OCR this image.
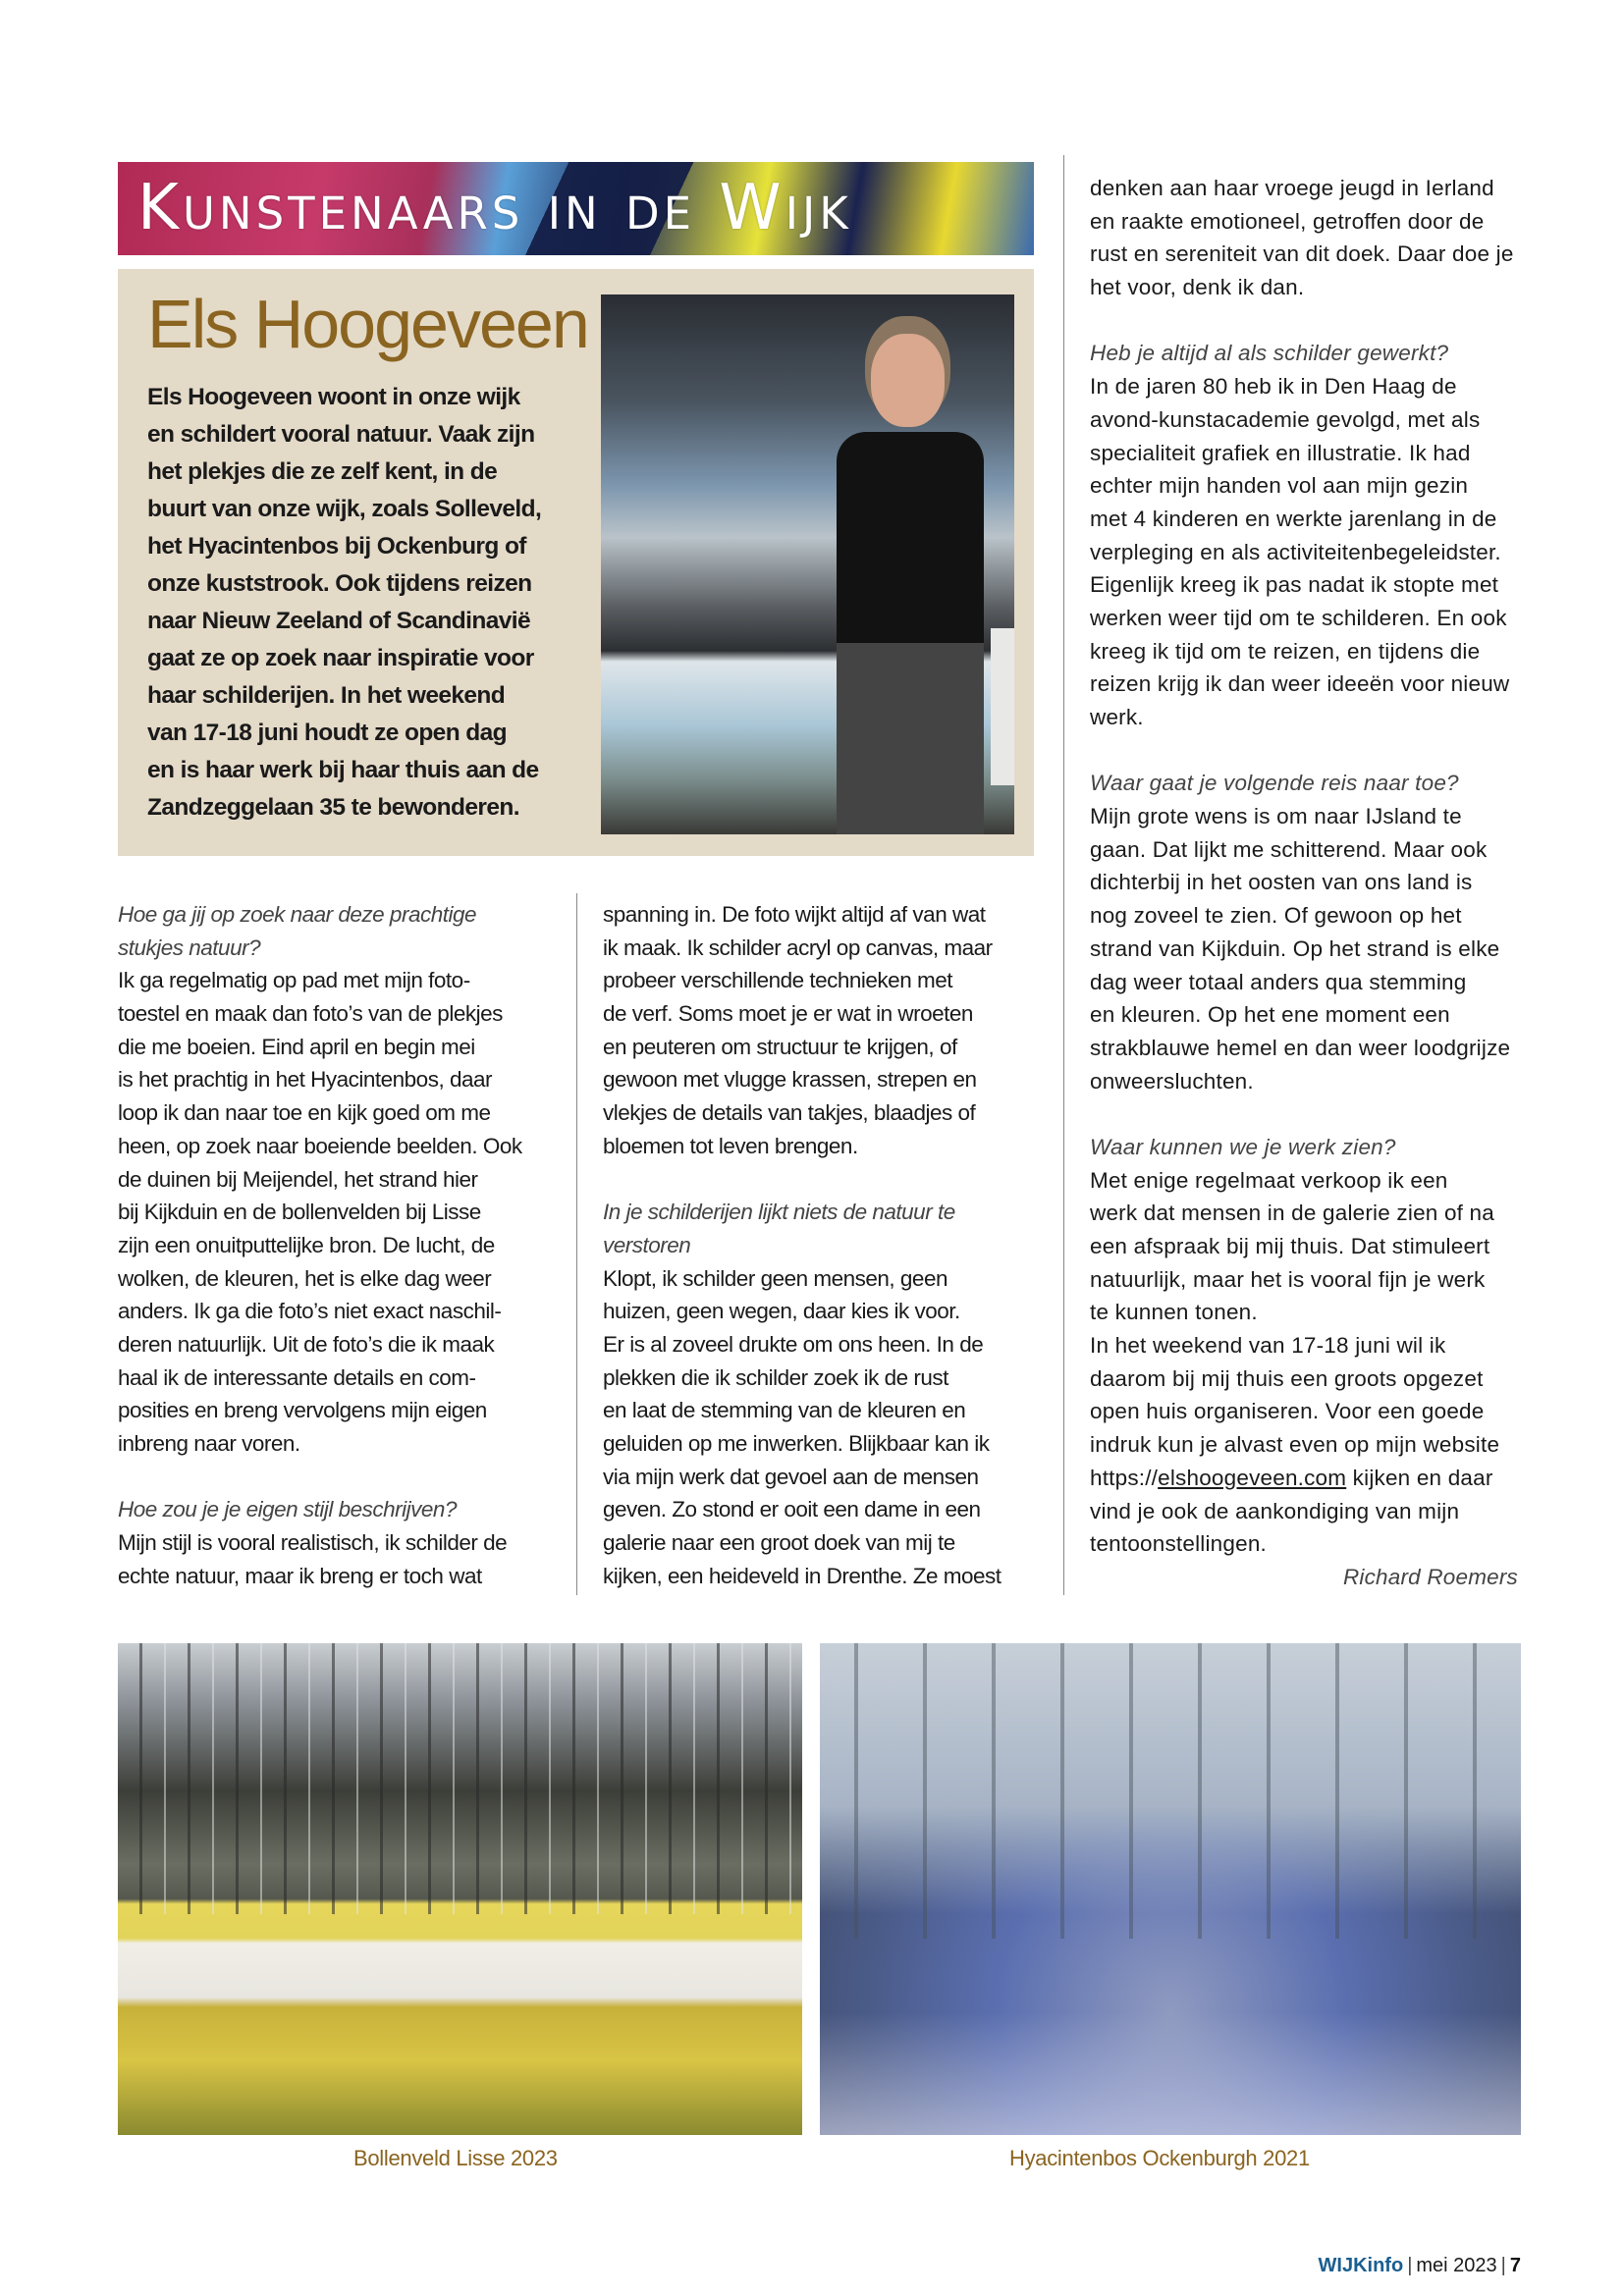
Kunstenaars in de Wijk
Els Hoogeveen
Els Hoogeveen woont in onze wijk
en schildert vooral natuur. Vaak zijn
het plekjes die ze zelf kent, in de
buurt van onze wijk, zoals Solleveld,
het Hyacintenbos bij Ockenburg of
onze kuststrook. Ook tijdens reizen
naar Nieuw Zeeland of Scandinavië
gaat ze op zoek naar inspiratie voor
haar schilderijen. In het weekend
van 17-18 juni houdt ze open dag
en is haar werk bij haar thuis aan de
Zandzeggelaan 35 te bewonderen.
Hoe ga jij op zoek naar deze prachtige
stukjes natuur?
Ik ga regelmatig op pad met mijn foto-
toestel en maak dan foto’s van de plekjes
die me boeien. Eind april en begin mei
is het prachtig in het Hyacintenbos, daar
loop ik dan naar toe en kijk goed om me
heen, op zoek naar boeiende beelden. Ook
de duinen bij Meijendel, het strand hier
bij Kijkduin en de bollenvelden bij Lisse
zijn een onuitputtelijke bron. De lucht, de
wolken, de kleuren, het is elke dag weer
anders. Ik ga die foto’s niet exact naschil-
deren natuurlijk. Uit de foto’s die ik maak
haal ik de interessante details en com-
posities en breng vervolgens mijn eigen
inbreng naar voren.
Hoe zou je je eigen stijl beschrijven?
Mijn stijl is vooral realistisch, ik schilder de
echte natuur, maar ik breng er toch wat
spanning in. De foto wijkt altijd af van wat
ik maak. Ik schilder acryl op canvas, maar
probeer verschillende technieken met
de verf. Soms moet je er wat in wroeten
en peuteren om structuur te krijgen, of
gewoon met vlugge krassen, strepen en
vlekjes de details van takjes, blaadjes of
bloemen tot leven brengen.
In je schilderijen lijkt niets de natuur te
verstoren
Klopt, ik schilder geen mensen, geen
huizen, geen wegen, daar kies ik voor.
Er is al zoveel drukte om ons heen. In de
plekken die ik schilder zoek ik de rust
en laat de stemming van de kleuren en
geluiden op me inwerken. Blijkbaar kan ik
via mijn werk dat gevoel aan de mensen
geven. Zo stond er ooit een dame in een
galerie naar een groot doek van mij te
kijken, een heideveld in Drenthe. Ze moest
denken aan haar vroege jeugd in Ierland
en raakte emotioneel, getroffen door de
rust en sereniteit van dit doek. Daar doe je
het voor, denk ik dan.
Heb je altijd al als schilder gewerkt?
In de jaren 80 heb ik in Den Haag de
avond-kunstacademie gevolgd, met als
specialiteit grafiek en illustratie. Ik had
echter mijn handen vol aan mijn gezin
met 4 kinderen en werkte jarenlang in de
verpleging en als activiteitenbegeleidster.
Eigenlijk kreeg ik pas nadat ik stopte met
werken weer tijd om te schilderen. En ook
kreeg ik tijd om te reizen, en tijdens die
reizen krijg ik dan weer ideeën voor nieuw
werk.
Waar gaat je volgende reis naar toe?
Mijn grote wens is om naar IJsland te
gaan. Dat lijkt me schitterend. Maar ook
dichterbij in het oosten van ons land is
nog zoveel te zien. Of gewoon op het
strand van Kijkduin. Op het strand is elke
dag weer totaal anders qua stemming
en kleuren. Op het ene moment een
strakblauwe hemel en dan weer loodgrijze
onweersluchten.
Waar kunnen we je werk zien?
Met enige regelmaat verkoop ik een
werk dat mensen in de galerie zien of na
een afspraak bij mij thuis. Dat stimuleert
natuurlijk, maar het is vooral fijn je werk
te kunnen tonen.
In het weekend van 17-18 juni wil ik
daarom bij mij thuis een groots opgezet
open huis organiseren. Voor een goede
indruk kun je alvast even op mijn website
https://elshoogeveen.com kijken en daar
vind je ook de aankondiging van mijn
tentoonstellingen.
Richard Roemers
Bollenveld Lisse 2023	Hyacintenbos Ockenburgh 2021
WIJKinfo | mei 2023 | 7
